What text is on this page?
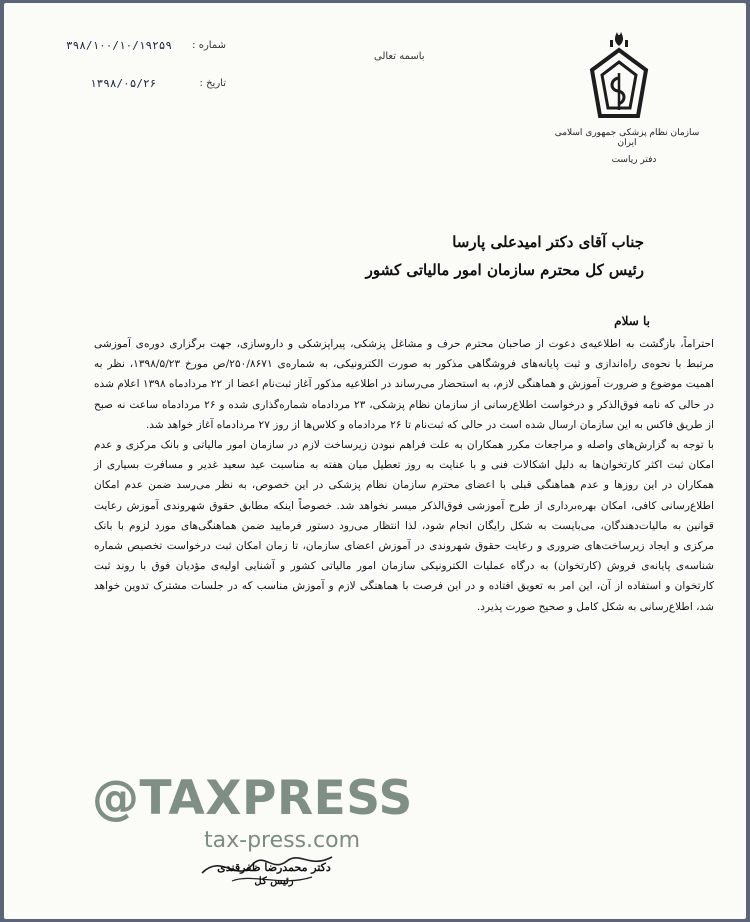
۳۹۸/۱۰۰/۱۰/۱۹۲۵۹ شماره :
۱۳۹۸/۰۵/۲۶	تاریخ :
باسمه تعالی
سازمان نظام پزشکی جمهوری اسلامی ایران
دفتر ریاست
جناب آقای دکتر امیدعلی پارسا
رئیس کل محترم سازمان امور مالیاتی کشور
با سلام

احتراماً، بازگشت به اطلاعیه‌ی دعوت از صاحبان محترم حرف و مشاغل پزشکی، پیراپزشکی و داروسازی، جهت برگزاری دوره‌ی آموزشی مرتبط با نحوه‌ی راه‌اندازی و ثبت پایانه‌های فروشگاهی مذکور به صورت الکترونیکی، به شماره‌ی ۲۵۰/۸۶۷۱/ص مورخ ۱۳۹۸/۵/۲۳، نظر به اهمیت موضوع و ضرورت آموزش و هماهنگی لازم، به استحضار می‌رساند در اطلاعیه مذکور آغاز ثبت‌نام اعضا از ۲۲ مردادماه ۱۳۹۸ اعلام شده در حالی که نامه فوق‌الذکر و درخواست اطلاع‌رسانی از سازمان نظام پزشکی، ۲۳ مردادماه شماره‌گذاری شده و ۲۶ مردادماه ساعت نه صبح از طریق فاکس به این سازمان ارسال شده است در حالی که ثبت‌نام تا ۲۶ مردادماه و کلاس‌ها از روز ۲۷ مردادماه آغاز خواهد شد.

با توجه به گزارش‌های واصله و مراجعات مکرر همکاران به علت فراهم نبودن زیرساخت لازم در سازمان امور مالیاتی و بانک مرکزی و عدم امکان ثبت اکثر کارتخوان‌ها به دلیل اشکالات فنی و با عنایت به روز تعطیل میان هفته به مناسبت عید سعید غدیر و مسافرت بسیاری از همکاران در این روزها و عدم هماهنگی قبلی با اعضای محترم سازمان نظام پزشکی در این خصوص، به نظر می‌رسد ضمن عدم امکان اطلاع‌رسانی کافی، امکان بهره‌برداری از طرح آموزشی فوق‌الذکر میسر نخواهد شد. خصوصاً اینکه مطابق حقوق شهروندی آموزش رعایت قوانین به مالیات‌دهندگان، می‌بایست به شکل رایگان انجام شود، لذا انتظار می‌رود دستور فرمایید ضمن هماهنگی‌های مورد لزوم با بانک مرکزی و ایجاد زیرساخت‌های ضروری و رعایت حقوق شهروندی در آموزش اعضای سازمان، تا زمان امکان ثبت درخواست تخصیص شماره شناسه‌ی پایانه‌ی فروش (کارتخوان) به درگاه عملیات الکترونیکی سازمان امور مالیاتی کشور و آشنایی اولیه‌ی مؤدیان فوق با روند ثبت کارتخوان و استفاده از آن، این امر به تعویق افتاده و در این فرصت با هماهنگی لازم و آموزش مناسب که در جلسات مشترک تدوین خواهد شد، اطلاع‌رسانی به شکل کامل و صحیح صورت پذیرد.

@TAXPRESS
tax-press.com
دکتر محمدرضا ظفرقندی
رئیس کل
